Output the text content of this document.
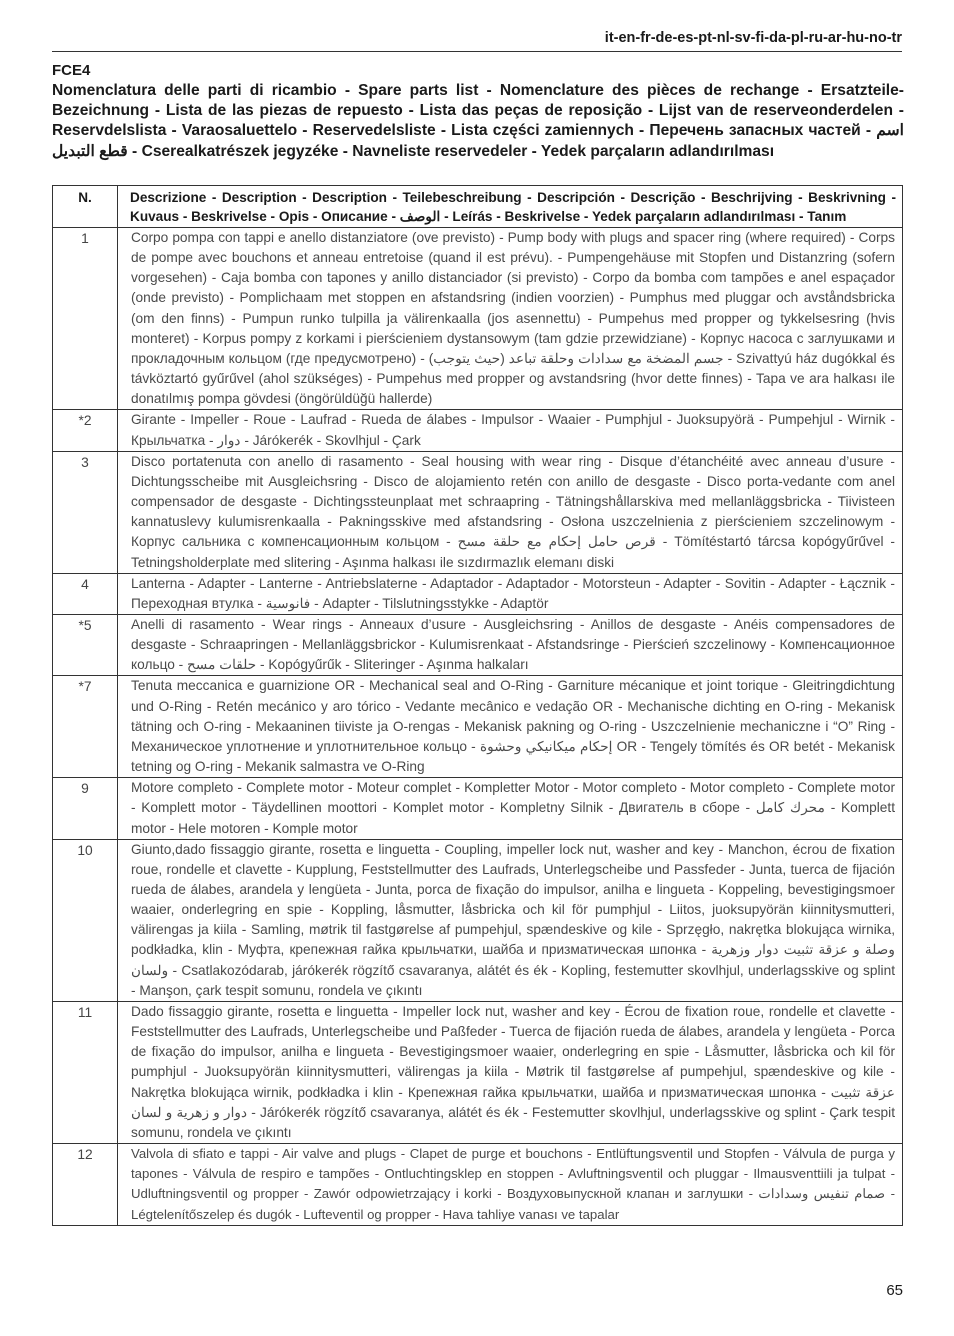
it-en-fr-de-es-pt-nl-sv-fi-da-pl-ru-ar-hu-no-tr
FCE4
Nomenclatura delle parti di ricambio - Spare parts list - Nomenclature des pièces de rechange - Ersatzteile-Bezeichnung - Lista de las piezas de repuesto - Lista das peças de reposição - Lijst van de reserveonderdelen - Reservdelslista - Varaosaluettelo - Reservedelsliste - Lista części zamiennych - Перечень запасных частей - اسم قطع التبديل - Cserealkatrészek jegyzéke - Navneliste reservedeler - Yedek parçaların adlandırılması
N.	Descrizione - Description - Description - Teilebeschreibung - Descripción - Descrição - Beschrijving - Beskrivning - Kuvaus - Beskrivelse - Opis - Описание - الوصف - Leírás - Beskrivelse - Yedek parçaların adlandırılması - Tanım
1	Corpo pompa con tappi e anello distanziatore (ove previsto) - Pump body with plugs and spacer ring (where required) - Corps de pompe avec bouchons et anneau entretoise (quand il est prévu). - Pumpengehäuse mit Stopfen und Distanzring (sofern vorgesehen) - Caja bomba con tapones y anillo distanciador (si previsto) - Corpo da bomba com tampões e anel espaçador (onde previsto) - Pomplichaam met stoppen en afstandsring (indien voorzien) - Pumphus med pluggar och avståndsbricka (om den finns) - Pumpun runko tulpilla ja välirenkaalla (jos asennettu) - Pumpehus med propper og tykkelsesring (hvis monteret) - Korpus pompy z korkami i pierścieniem dystansowym (tam gdzie przewidziane) - Корпус насоса с заглушками и прокладочным кольцом (где предусмотрено) - جسم المضخة مع سدادات وحلقة تباعد (حيث يتوجب) - Szivattyú ház dugókkal és távköztartó gyűrűvel (ahol szükséges) - Pumpehus med propper og avstandsring (hvor dette finnes) - Tapa ve ara halkası ile donatılmış pompa gövdesi (öngörüldüğü hallerde)
*2	Girante - Impeller - Roue - Laufrad - Rueda de álabes - Impulsor - Waaier - Pumphjul - Juoksupyörä - Pumpehjul - Wirnik - Крыльчатка - دوار - Járókerék - Skovlhjul - Çark
3	Disco portatenuta con anello di rasamento - Seal housing with wear ring - Disque d’étanchéité avec anneau d’usure - Dichtungsscheibe mit Ausgleichsring - Disco de alojamiento retén con anillo de desgaste - Disco porta-vedante com anel compensador de desgaste - Dichtingssteunplaat met schraapring - Tätningshållarskiva med mellanläggsbricka - Tiivisteen kannatuslevy kulumisrenkaalla - Pakningsskive med afstandsring - Osłona uszczelnienia z pierścieniem szczelinowym - Корпус сальника с компенсационным кольцом - قرص حامل إحكام مع حلقة مسح - Tömítéstartó tárcsa kopógyűrűvel - Tetningsholderplate med slitering - Aşınma halkası ile sızdırmazlık elemanı diski
4	Lanterna - Adapter - Lanterne - Antriebslaterne - Adaptador - Adaptador - Motorsteun - Adapter - Sovitin - Adapter - Łącznik - Переходная втулка - فانوسية - Adapter - Tilslutningsstykke - Adaptör
*5	Anelli di rasamento - Wear rings - Anneaux d’usure - Ausgleichsring - Anillos de desgaste - Anéis compensadores de desgaste - Schraapringen - Mellanläggsbrickor - Kulumisrenkaat - Afstandsringe - Pierścień szczelinowy - Компенсационное кольцо - حلقات مسح - Kopógyűrűk - Sliteringer - Aşınma halkaları
*7	Tenuta meccanica e guarnizione OR - Mechanical seal and O-Ring - Garniture mécanique et joint torique - Gleitringdichtung und O-Ring - Retén mecánico y aro tórico - Vedante mecânico e vedação OR - Mechanische dichting en O-ring - Mekanisk tätning och O-ring - Mekaaninen tiiviste ja O-rengas - Mekanisk pakning og O-ring - Uszczelnienie mechaniczne i “O” Ring - Механическое уплотнение и уплотнительное кольцо - إحكام ميكانيكي وحشوة OR - Tengely tömítés és OR betét - Mekanisk tetning og O-ring - Mekanik salmastra ve O-Ring
9	Motore completo - Complete motor - Moteur complet - Kompletter Motor - Motor completo - Motor completo - Complete motor - Komplett motor - Täydellinen moottori - Komplet motor - Kompletny Silnik - Двигатель в сборе - محرك كامل - Komplett motor - Hele motoren - Komple motor
10	Giunto,dado fissaggio girante, rosetta e linguetta - Coupling, impeller lock nut, washer and key - Manchon, écrou de fixation roue, rondelle et clavette - Kupplung, Feststellmutter des Laufrads, Unterlegscheibe und Passfeder - Junta, tuerca de fijación rueda de álabes, arandela y lengüeta - Junta, porca de fixação do impulsor, anilha e lingueta - Koppeling, bevestigingsmoer waaier, onderlegring en spie - Koppling, låsmutter, låsbricka och kil för pumphjul - Liitos, juoksupyörän kiinnitysmutteri, välirengas ja kiila - Samling, møtrik til fastgørelse af pumpehjul, spændeskive og kile - Sprzęgło, nakrętka blokująca wirnika, podkładka, klin - Муфта, крепежная гайка крыльчатки, шайба и призматическая шпонка - وصلة و عزقة تثبيت دوار وزهرية ولسان - Csatlakozódarab, járókerék rögzítő csavaranya, alátét és ék - Kopling, festemutter skovlhjul, underlagsskive og splint - Manşon, çark tespit somunu, rondela ve çıkıntı
11	Dado fissaggio girante, rosetta e linguetta - Impeller lock nut, washer and key - Écrou de fixation roue, rondelle et clavette - Feststellmutter des Laufrads, Unterlegscheibe und Paßfeder - Tuerca de fijación rueda de álabes, arandela y lengüeta - Porca de fixação do impulsor, anilha e lingueta - Bevestigingsmoer waaier, onderlegring en spie - Låsmutter, låsbricka och kil för pumphjul - Juoksupyörän kiinnitysmutteri, välirengas ja kiila - Møtrik til fastgørelse af pumpehjul, spændeskive og kile - Nakrętka blokująca wirnik, podkładka i klin - Крепежная гайка крыльчатки, шайба и призматическая шпонка - عزقة تثبيت دوار و زهرية و لسان - Járókerék rögzítő csavaranya, alátét és ék - Festemutter skovlhjul, underlagsskive og splint - Çark tespit somunu, rondela ve çıkıntı
12	Valvola di sfiato e tappi - Air valve and plugs - Clapet de purge et bouchons - Entlüftungsventil und Stopfen - Válvula de purga y tapones - Válvula de respiro e tampões - Ontluchtingsklep en stoppen - Avluftningsventil och pluggar - Ilmausventtiili ja tulpat - Udluftningsventil og propper - Zawór odpowietrzający i korki - Воздуховыпускной клапан и заглушки - صمام تنفيس وسدادات - Légtelenítőszelep és dugók - Lufteventil og propper - Hava tahliye vanası ve tapalar
65
